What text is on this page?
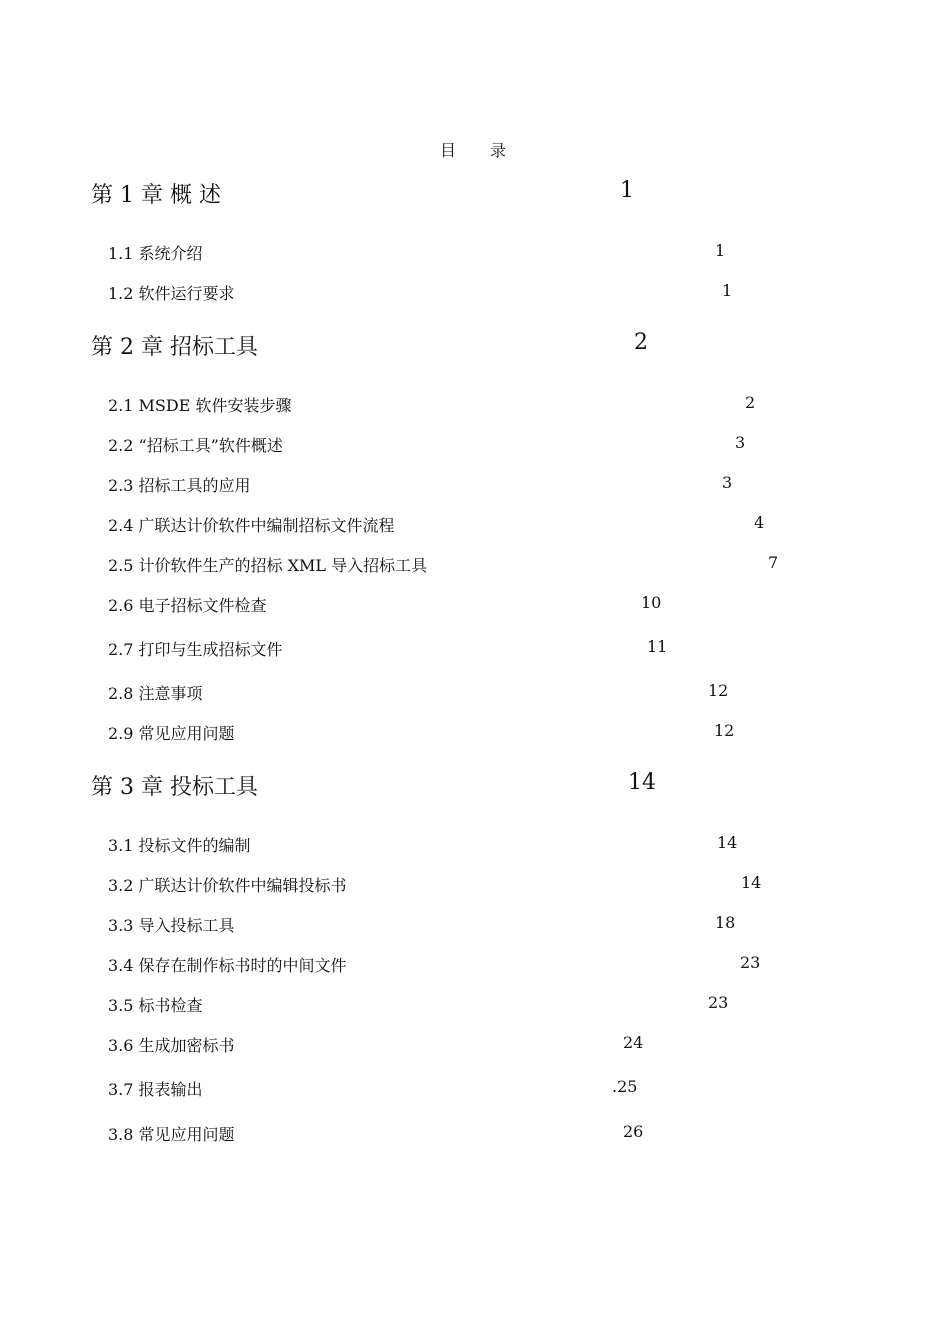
目 录
第 1 章 概 述	1
1.1 系统介绍	1
1.2 软件运行要求	1
第 2 章 招标工具	2
2.1 MSDE 软件安装步骤	2
2.2 “招标工具”软件概述	3
2.3 招标工具的应用	3
2.4 广联达计价软件中编制招标文件流程	4
2.5 计价软件生产的招标 XML 导入招标工具	7
2.6 电子招标文件检查	10
2.7 打印与生成招标文件	11
2.8 注意事项	12
2.9 常见应用问题	12
第 3 章 投标工具	14
3.1 投标文件的编制	14
3.2 广联达计价软件中编辑投标书	14
3.3 导入投标工具	18
3.4 保存在制作标书时的中间文件	23
3.5 标书检查	23
3.6 生成加密标书	24
3.7 报表输出	.25
3.8 常见应用问题	26
